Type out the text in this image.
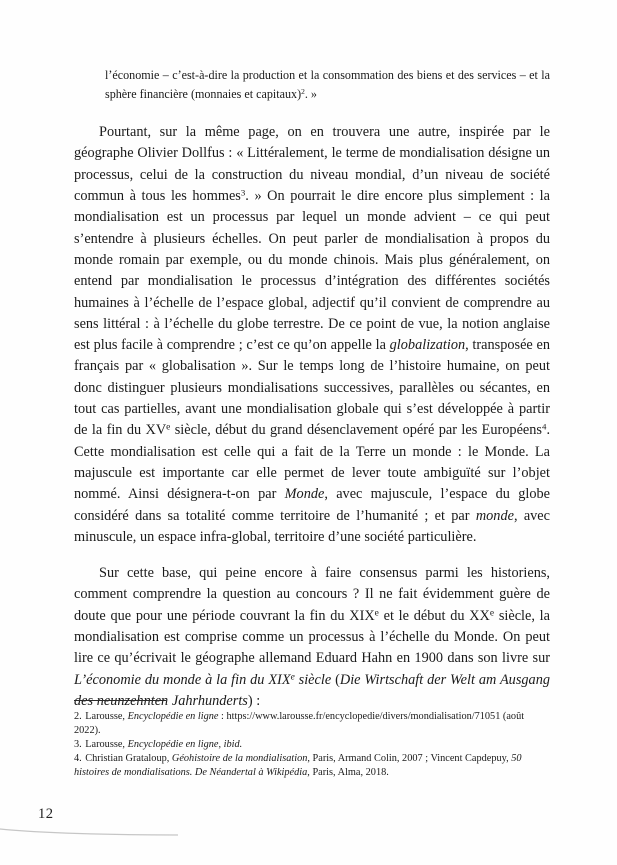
l’économie – c’est-à-dire la production et la consommation des biens et des services – et la sphère financière (monnaies et capitaux)$^2$. »

Pourtant, sur la même page, on en trouvera une autre, inspirée par le géographe Olivier Dollfus : « Littéralement, le terme de mondialisation désigne un processus, celui de la construction du niveau mondial, d’un niveau de société commun à tous les hommes$^3$. » On pourrait le dire encore plus simplement : la mondialisation est un processus par lequel un monde advient – ce qui peut s’entendre à plusieurs échelles. On peut parler de mondialisation à propos du monde romain par exemple, ou du monde chinois. Mais plus généralement, on entend par mondialisation le processus d’intégration des différentes sociétés humaines à l’échelle de l’espace global, adjectif qu’il convient de comprendre au sens littéral : à l’échelle du globe terrestre. De ce point de vue, la notion anglaise est plus facile à comprendre ; c’est ce qu’on appelle la globalization, transposée en français par « globalisation ». Sur le temps long de l’histoire humaine, on peut donc distinguer plusieurs mondialisations successives, parallèles ou sécantes, en tout cas partielles, avant une mondialisation globale qui s’est développée à partir de la fin du XVe siècle, début du grand désenclavement opéré par les Européens$^4$. Cette mondialisation est celle qui a fait de la Terre un monde : le Monde. La majuscule est importante car elle permet de lever toute ambiguïté sur l’objet nommé. Ainsi désignera-t-on par Monde, avec majuscule, l’espace du globe considéré dans sa totalité comme territoire de l’humanité ; et par monde, avec minuscule, un espace infra-global, territoire d’une société particulière.

Sur cette base, qui peine encore à faire consensus parmi les historiens, comment comprendre la question au concours ? Il ne fait évidemment guère de doute que pour une période couvrant la fin du XIXe et le début du XXe siècle, la mondialisation est comprise comme un processus à l’échelle du Monde. On peut lire ce qu’écrivait le géographe allemand Eduard Hahn en 1900 dans son livre sur L’économie du monde à la fin du XIXe siècle (Die Wirtschaft der Welt am Ausgang des neunzehnten Jahrhunderts) :

2. Larousse, Encyclopédie en ligne : https://www.larousse.fr/encyclopedie/divers/mondialisation/71051 (août 2022).

3. Larousse, Encyclopédie en ligne, ibid.

4. Christian Grataloup, Géohistoire de la mondialisation, Paris, Armand Colin, 2007 ; Vincent Capdepuy, 50 histoires de mondialisations. De Néandertal à Wikipédia, Paris, Alma, 2018.

12
